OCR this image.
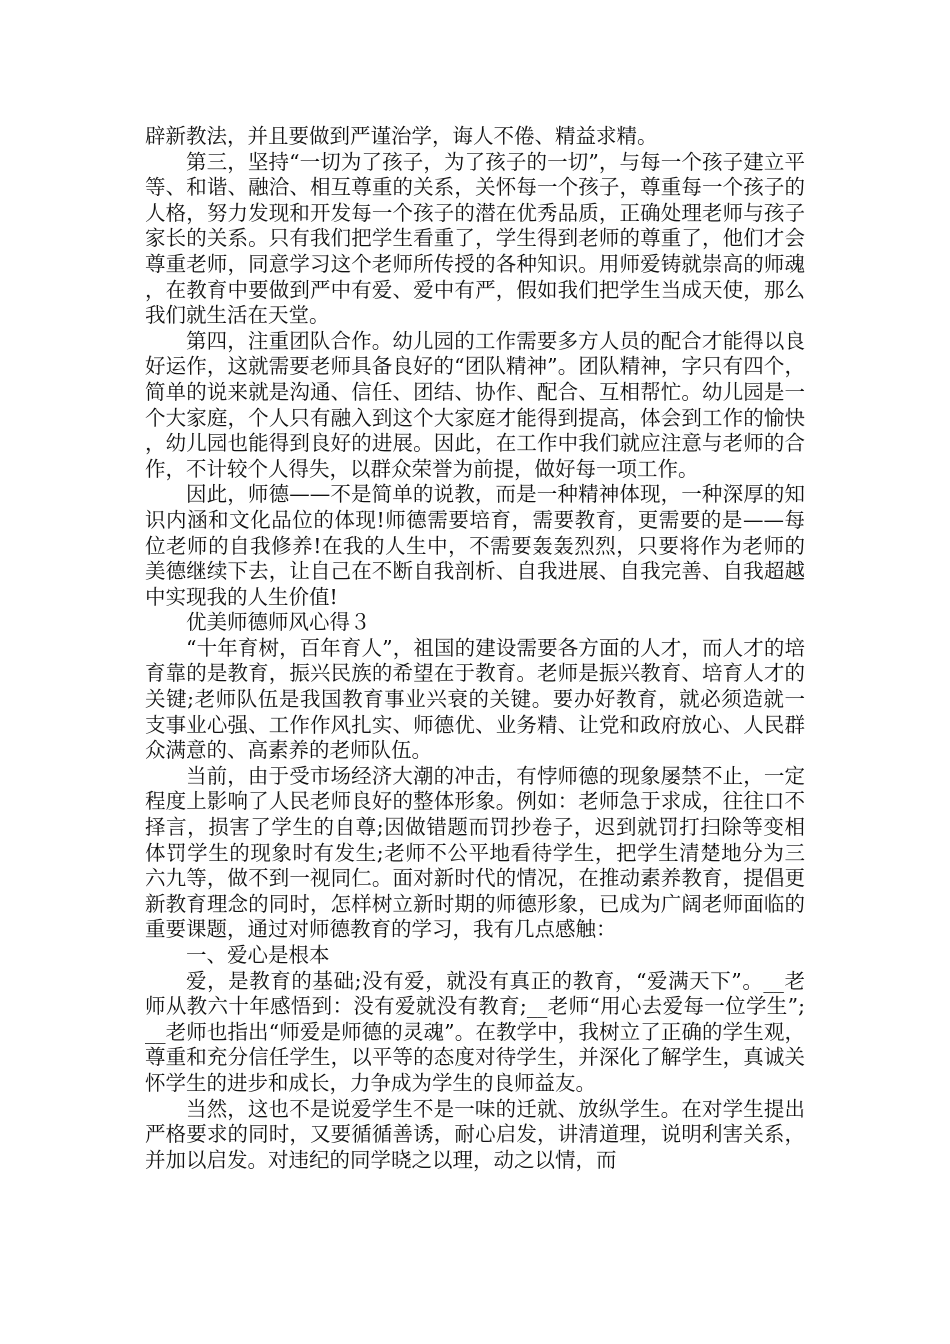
辟新教法，并且要做到严谨治学，诲人不倦、精益求精。

第三，坚持“一切为了孩子，为了孩子的一切”，与每一个孩子建立平等、和谐、融洽、相互尊重的关系，关怀每一个孩子，尊重每一个孩子的人格，努力发现和开发每一个孩子的潜在优秀品质，正确处理老师与孩子家长的关系。只有我们把学生看重了，学生得到老师的尊重了，他们才会尊重老师，同意学习这个老师所传授的各种知识。用师爱铸就崇高的师魂，在教育中要做到严中有爱、爱中有严，假如我们把学生当成天使，那么我们就生活在天堂。

第四，注重团队合作。幼儿园的工作需要多方人员的配合才能得以良好运作，这就需要老师具备良好的“团队精神”。团队精神，字只有四个，简单的说来就是沟通、信任、团结、协作、配合、互相帮忙。幼儿园是一个大家庭，个人只有融入到这个大家庭才能得到提高，体会到工作的愉快，幼儿园也能得到良好的进展。因此，在工作中我们就应注意与老师的合作，不计较个人得失，以群众荣誉为前提，做好每一项工作。

因此，师德——不是简单的说教，而是一种精神体现，一种深厚的知识内涵和文化品位的体现!师德需要培育，需要教育，更需要的是——每位老师的自我修养!在我的人生中，不需要轰轰烈烈，只要将作为老师的美德继续下去，让自己在不断自我剖析、自我进展、自我完善、自我超越中实现我的人生价值!

优美师德师风心得３

“十年育树，百年育人”，祖国的建设需要各方面的人才，而人才的培育靠的是教育，振兴民族的希望在于教育。老师是振兴教育、培育人才的关键;老师队伍是我国教育事业兴衰的关键。要办好教育，就必须造就一支事业心强、工作作风扎实、师德优、业务精、让党和政府放心、人民群众满意的、高素养的老师队伍。

当前，由于受市场经济大潮的冲击，有悖师德的现象屡禁不止，一定程度上影响了人民老师良好的整体形象。例如：老师急于求成，往往口不择言，损害了学生的自尊;因做错题而罚抄卷子，迟到就罚打扫除等变相体罚学生的现象时有发生;老师不公平地看待学生，把学生清楚地分为三六九等，做不到一视同仁。面对新时代的情况，在推动素养教育，提倡更新教育理念的同时，怎样树立新时期的师德形象，已成为广阔老师面临的重要课题，通过对师德教育的学习，我有几点感触：

一、爱心是根本

爱，是教育的基础;没有爱，就没有真正的教育，“爱满天下”。__老师从教六十年感悟到：没有爱就没有教育;__老师“用心去爱每一位学生”;__老师也指出“师爱是师德的灵魂”。在教学中，我树立了正确的学生观，尊重和充分信任学生，以平等的态度对待学生，并深化了解学生，真诚关怀学生的进步和成长，力争成为学生的良师益友。

当然，这也不是说爱学生不是一味的迁就、放纵学生。在对学生提出严格要求的同时，又要循循善诱，耐心启发，讲清道理，说明利害关系，并加以启发。对违纪的同学晓之以理，动之以情，而
